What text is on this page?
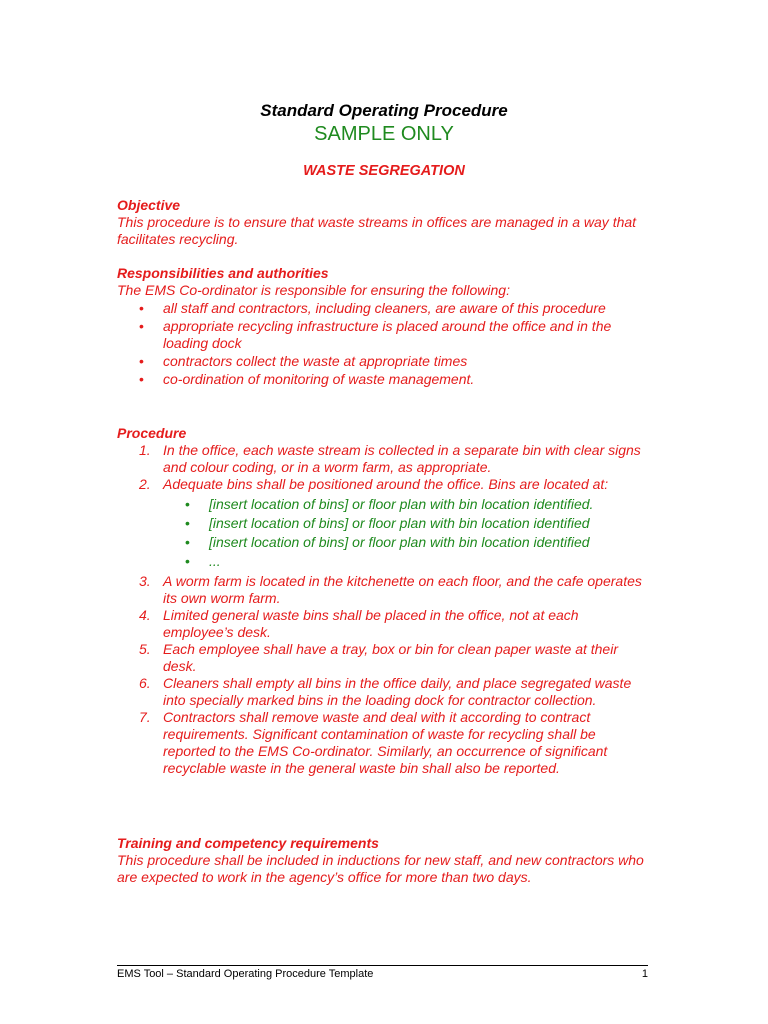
Standard Operating Procedure
SAMPLE ONLY
WASTE SEGREGATION
Objective
This procedure is to ensure that waste streams in offices are managed in a way that facilitates recycling.
Responsibilities and authorities
The EMS Co-ordinator is responsible for ensuring the following:
• all staff and contractors, including cleaners, are aware of this procedure
• appropriate recycling infrastructure is placed around the office and in the loading dock
• contractors collect the waste at appropriate times
• co-ordination of monitoring of waste management.
Procedure
1. In the office, each waste stream is collected in a separate bin with clear signs and colour coding, or in a worm farm, as appropriate.
2. Adequate bins shall be positioned around the office. Bins are located at:
• [insert location of bins] or floor plan with bin location identified.
• [insert location of bins] or floor plan with bin location identified
• [insert location of bins] or floor plan with bin location identified
• ...
3. A worm farm is located in the kitchenette on each floor, and the cafe operates its own worm farm.
4. Limited general waste bins shall be placed in the office, not at each employee’s desk.
5. Each employee shall have a tray, box or bin for clean paper waste at their desk.
6. Cleaners shall empty all bins in the office daily, and place segregated waste into specially marked bins in the loading dock for contractor collection.
7. Contractors shall remove waste and deal with it according to contract requirements. Significant contamination of waste for recycling shall be reported to the EMS Co-ordinator. Similarly, an occurrence of significant recyclable waste in the general waste bin shall also be reported.
Training and competency requirements
This procedure shall be included in inductions for new staff, and new contractors who are expected to work in the agency’s office for more than two days.
EMS Tool – Standard Operating Procedure Template	1
